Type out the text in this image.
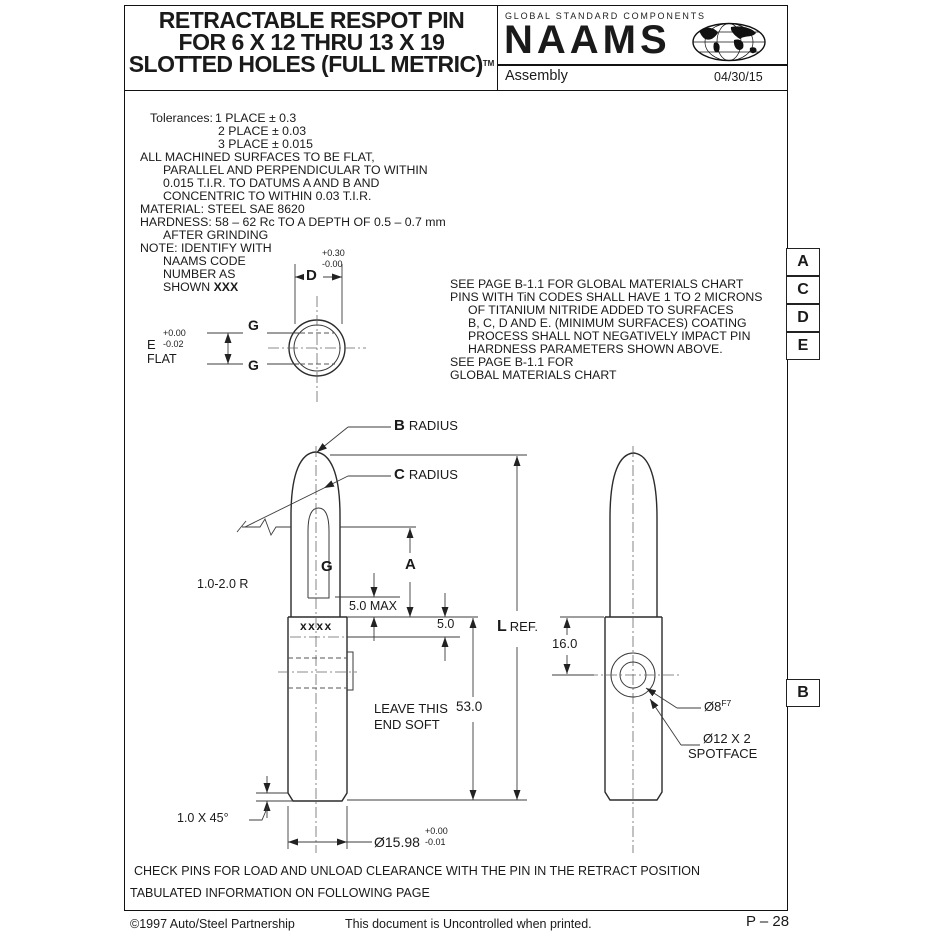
RETRACTABLE RESPOT PIN
FOR 6 X 12 THRU 13 X 19
SLOTTED HOLES (FULL METRIC)™
GLOBAL STANDARD COMPONENTS
NAAMS
Assembly	04/30/15
Tolerances: 1 PLACE ± 0.3
2 PLACE ± 0.03
3 PLACE ± 0.015
ALL MACHINED SURFACES TO BE FLAT,
PARALLEL AND PERPENDICULAR TO WITHIN
0.015 T.I.R. TO DATUMS A AND B AND
CONCENTRIC TO WITHIN 0.03 T.I.R.
MATERIAL: STEEL SAE 8620
HARDNESS: 58 – 62 Rc TO A DEPTH OF 0.5 – 0.7 mm
AFTER GRINDING
NOTE: IDENTIFY WITH
NAAMS CODE
NUMBER AS
SHOWN XXX	SEE PAGE B-1.1 FOR GLOBAL MATERIALS CHART
PINS WITH TiN CODES SHALL HAVE 1 TO 2 MICRONS
OF TITANIUM NITRIDE ADDED TO SURFACES
B, C, D AND E. (MINIMUM SURFACES) COATING
PROCESS SHALL NOT NEGATIVELY IMPACT PIN
HARDNESS PARAMETERS SHOWN ABOVE.
SEE PAGE B-1.1 FOR
GLOBAL MATERIALS CHART
A
C
D
E
B
+0.30
-0.00
D
G
G
E
+0.00
-0.02
FLAT
B RADIUS
C RADIUS
1.0-2.0 R
G
xxxx
5.0 MAX
A
5.0	L REF.
53.0
LEAVE THIS
END SOFT
16.0
$Ø8^{F7}$
Ø12 X 2
SPOTFACE
1.0 X 45°
Ø15.98
+0.00
-0.01
CHECK PINS FOR LOAD AND UNLOAD CLEARANCE WITH THE PIN IN THE RETRACT POSITION
TABULATED INFORMATION ON FOLLOWING PAGE
©1997 Auto/Steel Partnership	This document is Uncontrolled when printed.	P – 28
